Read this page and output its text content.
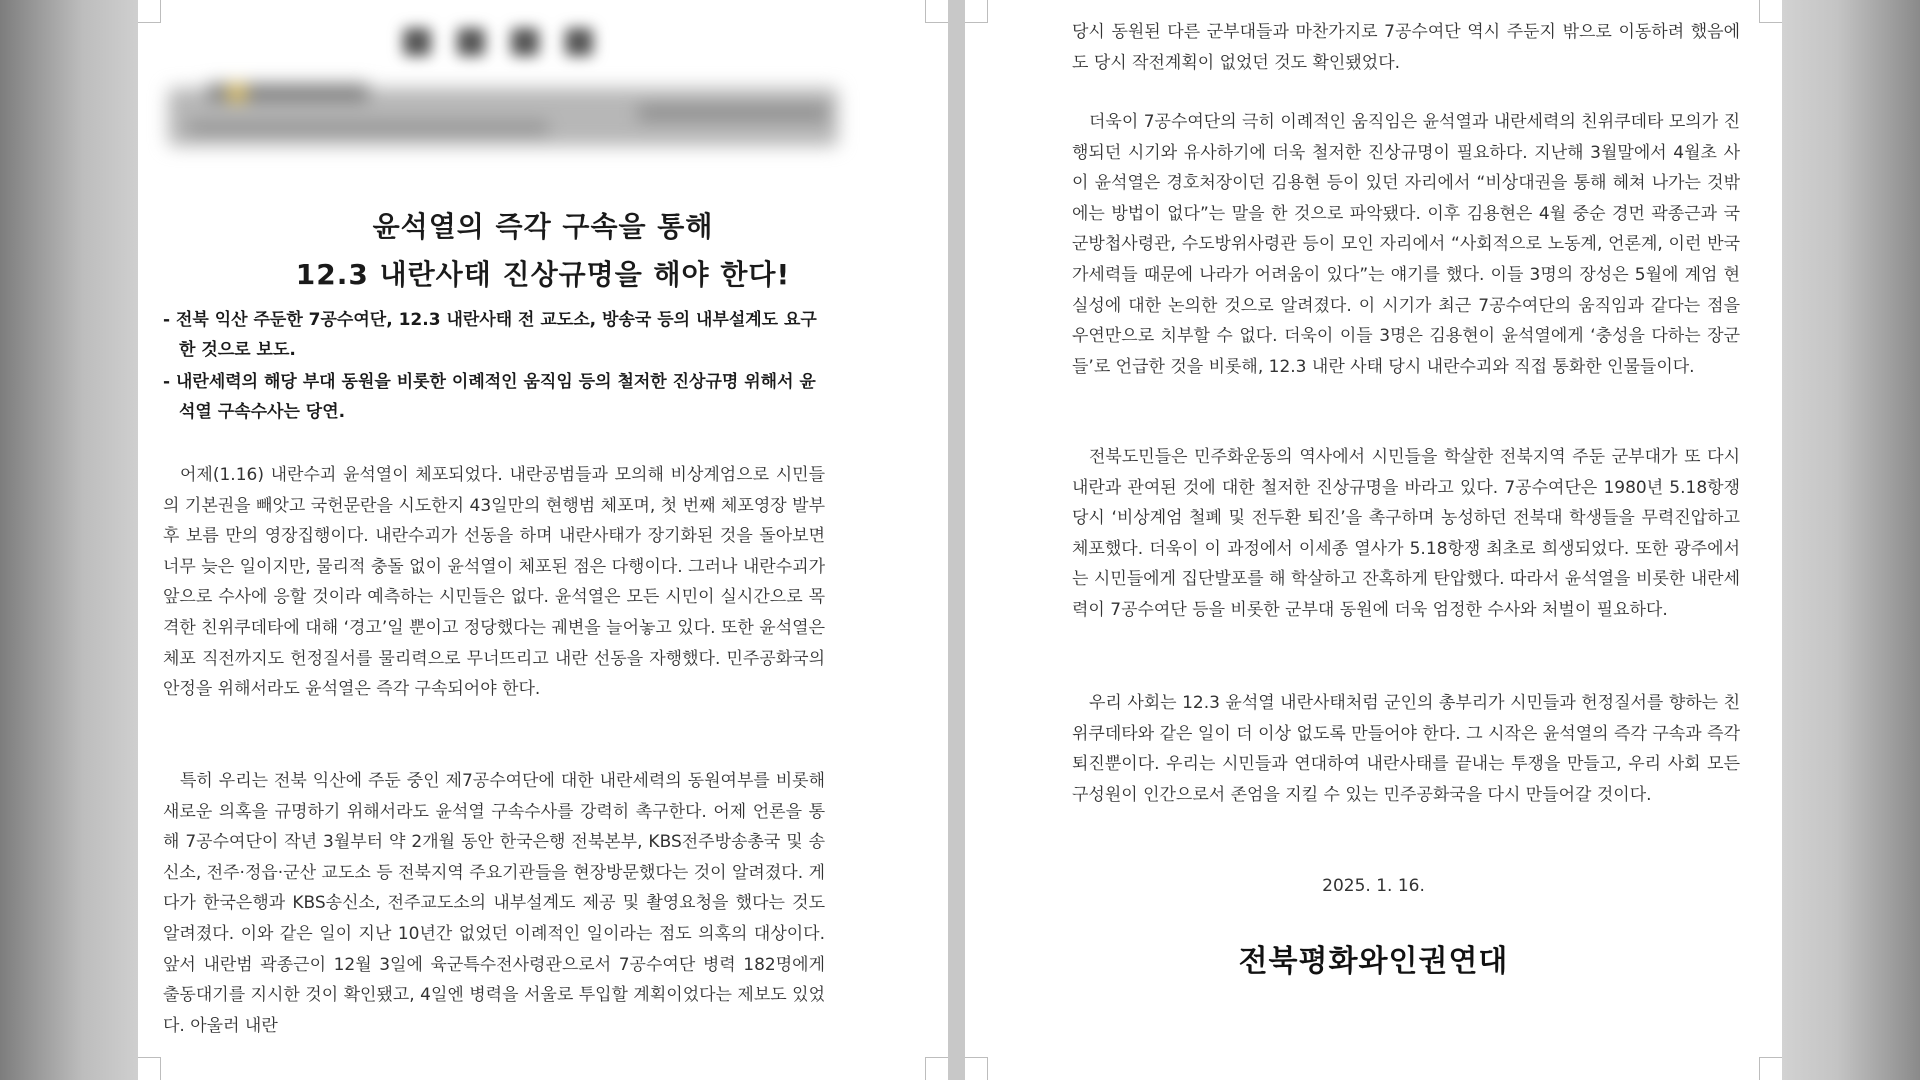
윤석열의 즉각 구속을 통해
12.3 내란사태 진상규명을 해야 한다!
- 전북 익산 주둔한 7공수여단, 12.3 내란사태 전 교도소, 방송국 등의 내부설계도 요구한 것으로 보도.
- 내란세력의 해당 부대 동원을 비롯한 이례적인 움직임 등의 철저한 진상규명 위해서 윤석열 구속수사는 당연.
어제(1.16) 내란수괴 윤석열이 체포되었다. 내란공범들과 모의해 비상계엄으로 시민들의 기본권을 빼앗고 국헌문란을 시도한지 43일만의 현행범 체포며, 첫 번째 체포영장 발부 후 보름 만의 영장집행이다. 내란수괴가 선동을 하며 내란사태가 장기화된 것을 돌아보면 너무 늦은 일이지만, 물리적 충돌 없이 윤석열이 체포된 점은 다행이다. 그러나 내란수괴가 앞으로 수사에 응할 것이라 예측하는 시민들은 없다. 윤석열은 모든 시민이 실시간으로 목격한 친위쿠데타에 대해 ‘경고’일 뿐이고 정당했다는 궤변을 늘어놓고 있다. 또한 윤석열은 체포 직전까지도 헌정질서를 물리력으로 무너뜨리고 내란 선동을 자행했다. 민주공화국의 안정을 위해서라도 윤석열은 즉각 구속되어야 한다.
특히 우리는 전북 익산에 주둔 중인 제7공수여단에 대한 내란세력의 동원여부를 비롯해 새로운 의혹을 규명하기 위해서라도 윤석열 구속수사를 강력히 촉구한다. 어제 언론을 통해 7공수여단이 작년 3월부터 약 2개월 동안 한국은행 전북본부, KBS전주방송총국 및 송신소, 전주·정읍·군산 교도소 등 전북지역 주요기관들을 현장방문했다는 것이 알려졌다. 게다가 한국은행과 KBS송신소, 전주교도소의 내부설계도 제공 및 촬영요청을 했다는 것도 알려졌다. 이와 같은 일이 지난 10년간 없었던 이례적인 일이라는 점도 의혹의 대상이다. 앞서 내란범 곽종근이 12월 3일에 육군특수전사령관으로서 7공수여단 병력 182명에게 출동대기를 지시한 것이 확인됐고, 4일엔 병력을 서울로 투입할 계획이었다는 제보도 있었다. 아울러 내란
당시 동원된 다른 군부대들과 마찬가지로 7공수여단 역시 주둔지 밖으로 이동하려 했음에도 당시 작전계획이 없었던 것도 확인됐었다.
더욱이 7공수여단의 극히 이례적인 움직임은 윤석열과 내란세력의 친위쿠데타 모의가 진행되던 시기와 유사하기에 더욱 철저한 진상규명이 필요하다. 지난해 3월말에서 4월초 사이 윤석열은 경호처장이던 김용현 등이 있던 자리에서 “비상대권을 통해 헤쳐 나가는 것밖에는 방법이 없다”는 말을 한 것으로 파악됐다. 이후 김용현은 4월 중순 경먼 곽종근과 국군방첩사령관, 수도방위사령관 등이 모인 자리에서 “사회적으로 노동계, 언론계, 이런 반국가세력들 때문에 나라가 어려움이 있다”는 얘기를 했다. 이들 3명의 장성은 5월에 계엄 현실성에 대한 논의한 것으로 알려졌다. 이 시기가 최근 7공수여단의 움직임과 같다는 점을 우연만으로 치부할 수 없다. 더욱이 이들 3명은 김용현이 윤석열에게 ‘충성을 다하는 장군들’로 언급한 것을 비롯해, 12.3 내란 사태 당시 내란수괴와 직접 통화한 인물들이다.
전북도민들은 민주화운동의 역사에서 시민들을 학살한 전북지역 주둔 군부대가 또 다시 내란과 관여된 것에 대한 철저한 진상규명을 바라고 있다. 7공수여단은 1980년 5.18항쟁 당시 ‘비상계엄 철폐 및 전두환 퇴진’을 촉구하며 농성하던 전북대 학생들을 무력진압하고 체포했다. 더욱이 이 과정에서 이세종 열사가 5.18항쟁 최초로 희생되었다. 또한 광주에서는 시민들에게 집단발포를 해 학살하고 잔혹하게 탄압했다. 따라서 윤석열을 비롯한 내란세력이 7공수여단 등을 비롯한 군부대 동원에 더욱 엄정한 수사와 처벌이 필요하다.
우리 사회는 12.3 윤석열 내란사태처럼 군인의 총부리가 시민들과 헌정질서를 향하는 친위쿠데타와 같은 일이 더 이상 없도록 만들어야 한다. 그 시작은 윤석열의 즉각 구속과 즉각 퇴진뿐이다. 우리는 시민들과 연대하여 내란사태를 끝내는 투쟁을 만들고, 우리 사회 모든 구성원이 인간으로서 존엄을 지킬 수 있는 민주공화국을 다시 만들어갈 것이다.
2025. 1. 16.
전북평화와인권연대
